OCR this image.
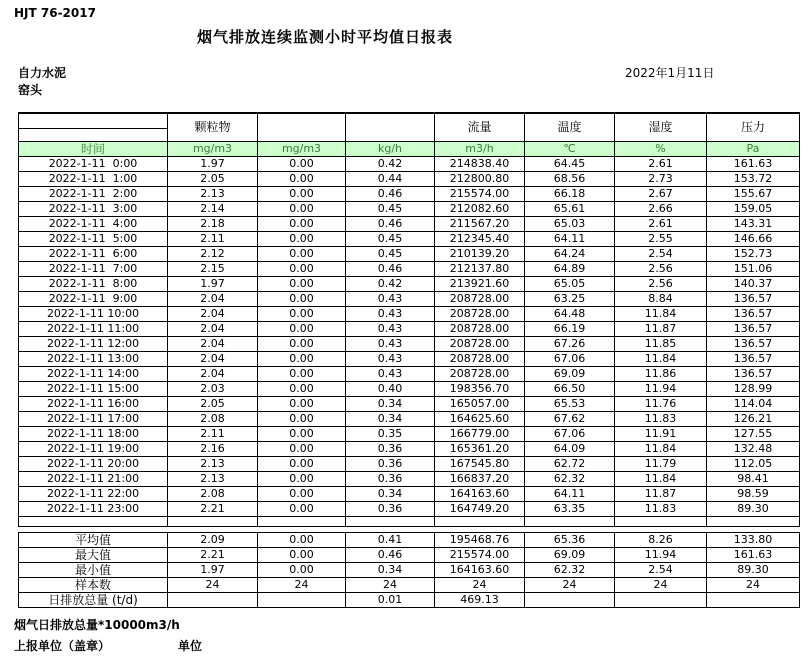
HJT 76-2017
烟气排放连续监测小时平均值日报表
自力水泥	2022年1月11日
窑头
	颗粒物			流量	温度	湿度	压力
时间	mg/m3	mg/m3	kg/h	m3/h	℃	%	Pa
2022-1-11  0:00	1.97	0.00	0.42	214838.40	64.45	2.61	161.63
2022-1-11  1:00	2.05	0.00	0.44	212800.80	68.56	2.73	153.72
2022-1-11  2:00	2.13	0.00	0.46	215574.00	66.18	2.67	155.67
2022-1-11  3:00	2.14	0.00	0.45	212082.60	65.61	2.66	159.05
2022-1-11  4:00	2.18	0.00	0.46	211567.20	65.03	2.61	143.31
2022-1-11  5:00	2.11	0.00	0.45	212345.40	64.11	2.55	146.66
2022-1-11  6:00	2.12	0.00	0.45	210139.20	64.24	2.54	152.73
2022-1-11  7:00	2.15	0.00	0.46	212137.80	64.89	2.56	151.06
2022-1-11  8:00	1.97	0.00	0.42	213921.60	65.05	2.56	140.37
2022-1-11  9:00	2.04	0.00	0.43	208728.00	63.25	8.84	136.57
2022-1-11 10:00	2.04	0.00	0.43	208728.00	64.48	11.84	136.57
2022-1-11 11:00	2.04	0.00	0.43	208728.00	66.19	11.87	136.57
2022-1-11 12:00	2.04	0.00	0.43	208728.00	67.26	11.85	136.57
2022-1-11 13:00	2.04	0.00	0.43	208728.00	67.06	11.84	136.57
2022-1-11 14:00	2.04	0.00	0.43	208728.00	69.09	11.86	136.57
2022-1-11 15:00	2.03	0.00	0.40	198356.70	66.50	11.94	128.99
2022-1-11 16:00	2.05	0.00	0.34	165057.00	65.53	11.76	114.04
2022-1-11 17:00	2.08	0.00	0.34	164625.60	67.62	11.83	126.21
2022-1-11 18:00	2.11	0.00	0.35	166779.00	67.06	11.91	127.55
2022-1-11 19:00	2.16	0.00	0.36	165361.20	64.09	11.84	132.48
2022-1-11 20:00	2.13	0.00	0.36	167545.80	62.72	11.79	112.05
2022-1-11 21:00	2.13	0.00	0.36	166837.20	62.32	11.84	98.41
2022-1-11 22:00	2.08	0.00	0.34	164163.60	64.11	11.87	98.59
2022-1-11 23:00	2.21	0.00	0.36	164749.20	63.35	11.83	89.30

平均值	2.09	0.00	0.41	195468.76	65.36	8.26	133.80
最大值	2.21	0.00	0.46	215574.00	69.09	11.94	161.63
最小值	1.97	0.00	0.34	164163.60	62.32	2.54	89.30
样本数	24	24	24	24	24	24	24
日排放总量 (t/d)			0.01	469.13			
烟气日排放总量*10000m3/h
上报单位（盖章）	单位
